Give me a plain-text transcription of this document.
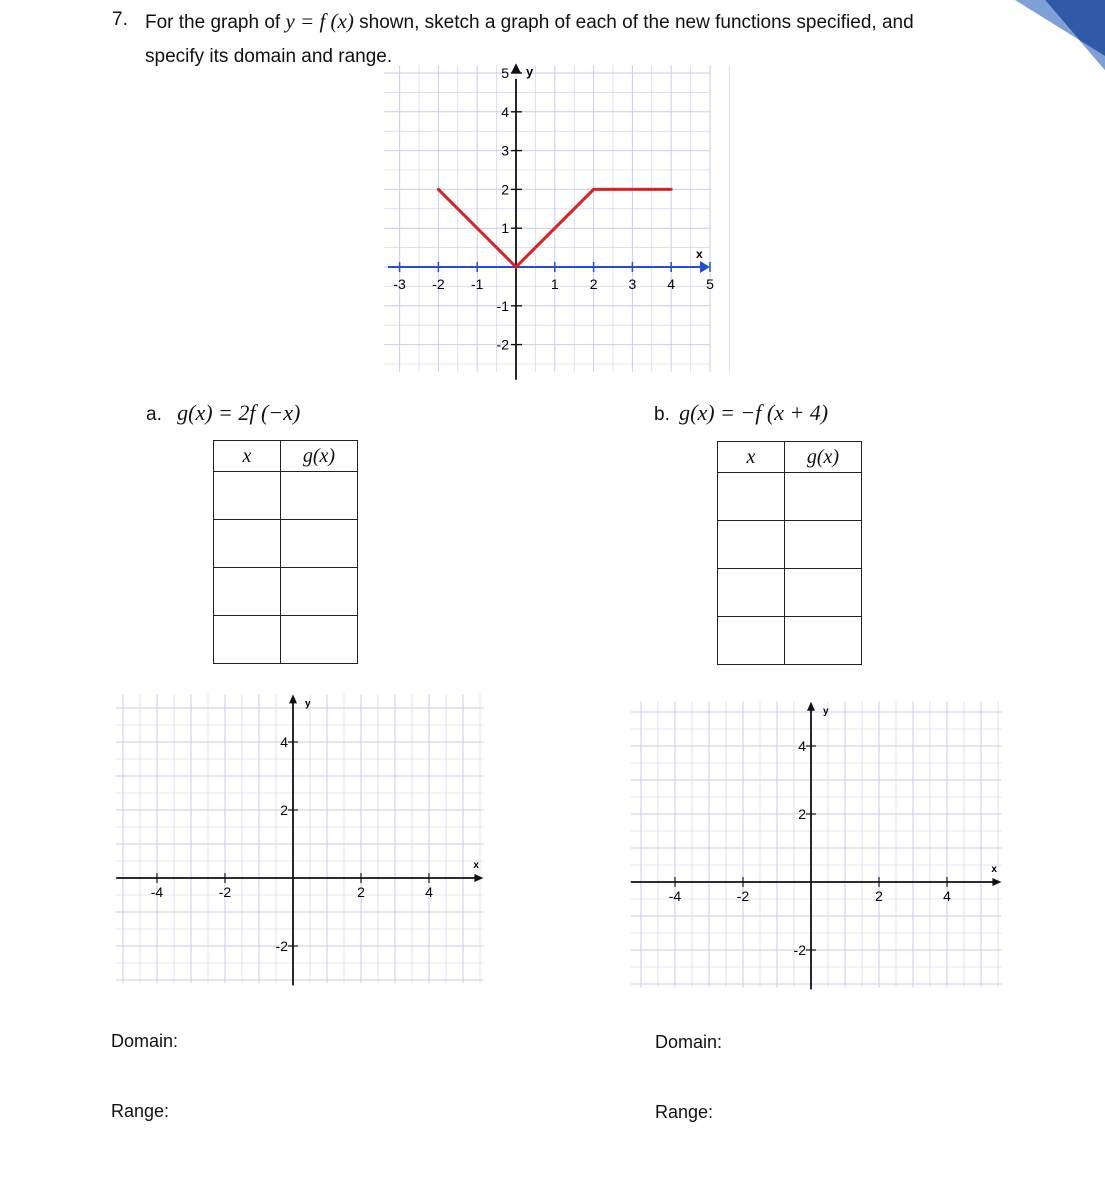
7. For the graph of y = f (x) shown, sketch a graph of each of the new functions specified, and
specify its domain and range.
x
y
-3 -2 -1	1 2 3 4 5
5
4
3
2
1
-1
-2
a. g(x) = 2f (−x)
x	g(x)

x
y
-4	-2	2	4
4
2
-2
Domain:
Range:
b. g(x) = −f (x + 4)
x	g(x)

x
y
-4	-2	2	4
4
2
-2
Domain:
Range:
